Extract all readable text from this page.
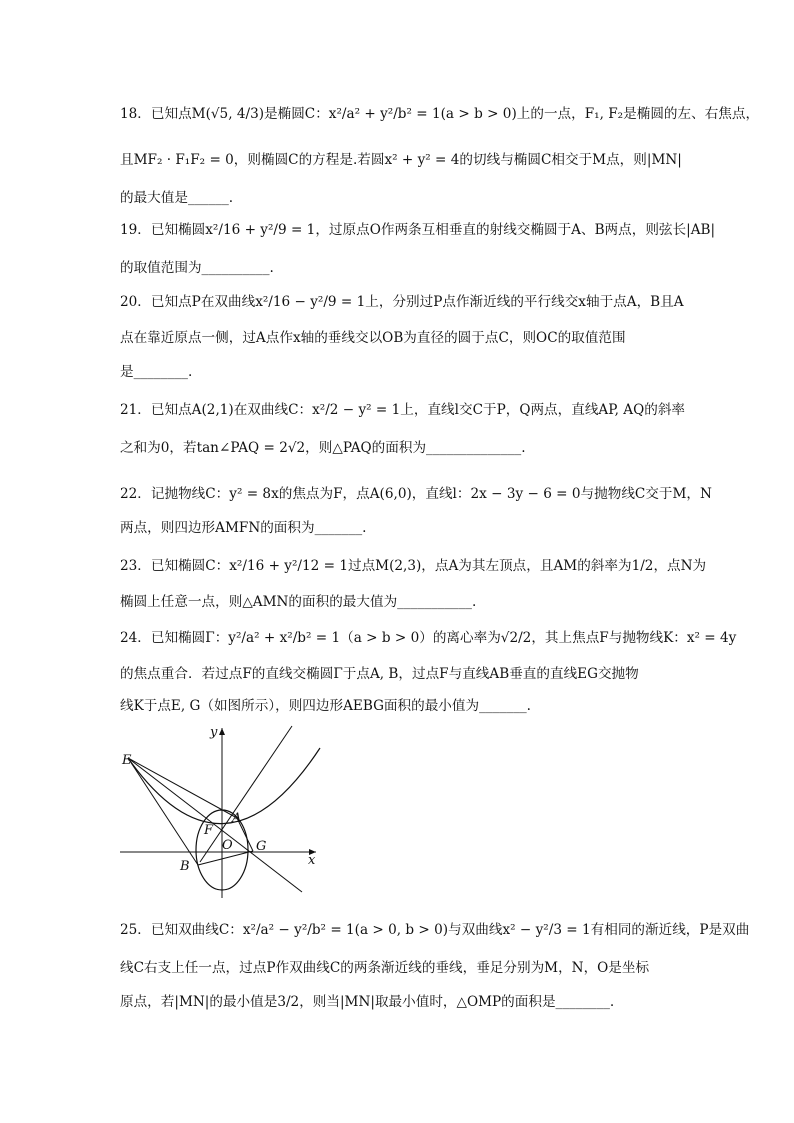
18．已知点M(√5, 4/3)是椭圆C：x²/a² + y²/b² = 1(a > b > 0)上的一点，F₁, F₂是椭圆的左、右焦点，
且MF₂ · F₁F₂ = 0，则椭圆C的方程是.若圆x² + y² = 4的切线与椭圆C相交于M点，则|MN|
的最大值是______.
19．已知椭圆x²/16 + y²/9 = 1，过原点O作两条互相垂直的射线交椭圆于A、B两点，则弦长|AB|
的取值范围为__________.
20．已知点P在双曲线x²/16 − y²/9 = 1上，分别过P点作渐近线的平行线交x轴于点A，B且A
点在靠近原点一侧，过A点作x轴的垂线交以OB为直径的圆于点C，则OC的取值范围
是________.
21．已知点A(2,1)在双曲线C：x²/2 − y² = 1上，直线l交C于P，Q两点，直线AP, AQ的斜率
之和为0，若tan∠PAQ = 2√2，则△PAQ的面积为______________.
22．记抛物线C：y² = 8x的焦点为F，点A(6,0)，直线l：2x − 3y − 6 = 0与抛物线C交于M，N
两点，则四边形AMFN的面积为_______.
23．已知椭圆C：x²/16 + y²/12 = 1过点M(2,3)，点A为其左顶点，且AM的斜率为1/2，点N为
椭圆上任意一点，则△AMN的面积的最大值为___________.
24．已知椭圆Γ：y²/a² + x²/b² = 1（a > b > 0）的离心率为√2/2，其上焦点F与抛物线K：x² = 4y
的焦点重合．若过点F的直线交椭圆Γ于点A, B，过点F与直线AB垂直的直线EG交抛物
线K于点E, G（如图所示），则四边形AEBG面积的最小值为_______.
E
A
F
O G
B	x
y
25．已知双曲线C：x²/a² − y²/b² = 1(a > 0, b > 0)与双曲线x² − y²/3 = 1有相同的渐近线，P是双曲
线C右支上任一点，过点P作双曲线C的两条渐近线的垂线，垂足分别为M，N，O是坐标
原点，若|MN|的最小值是3/2，则当|MN|取最小值时，△OMP的面积是________.
